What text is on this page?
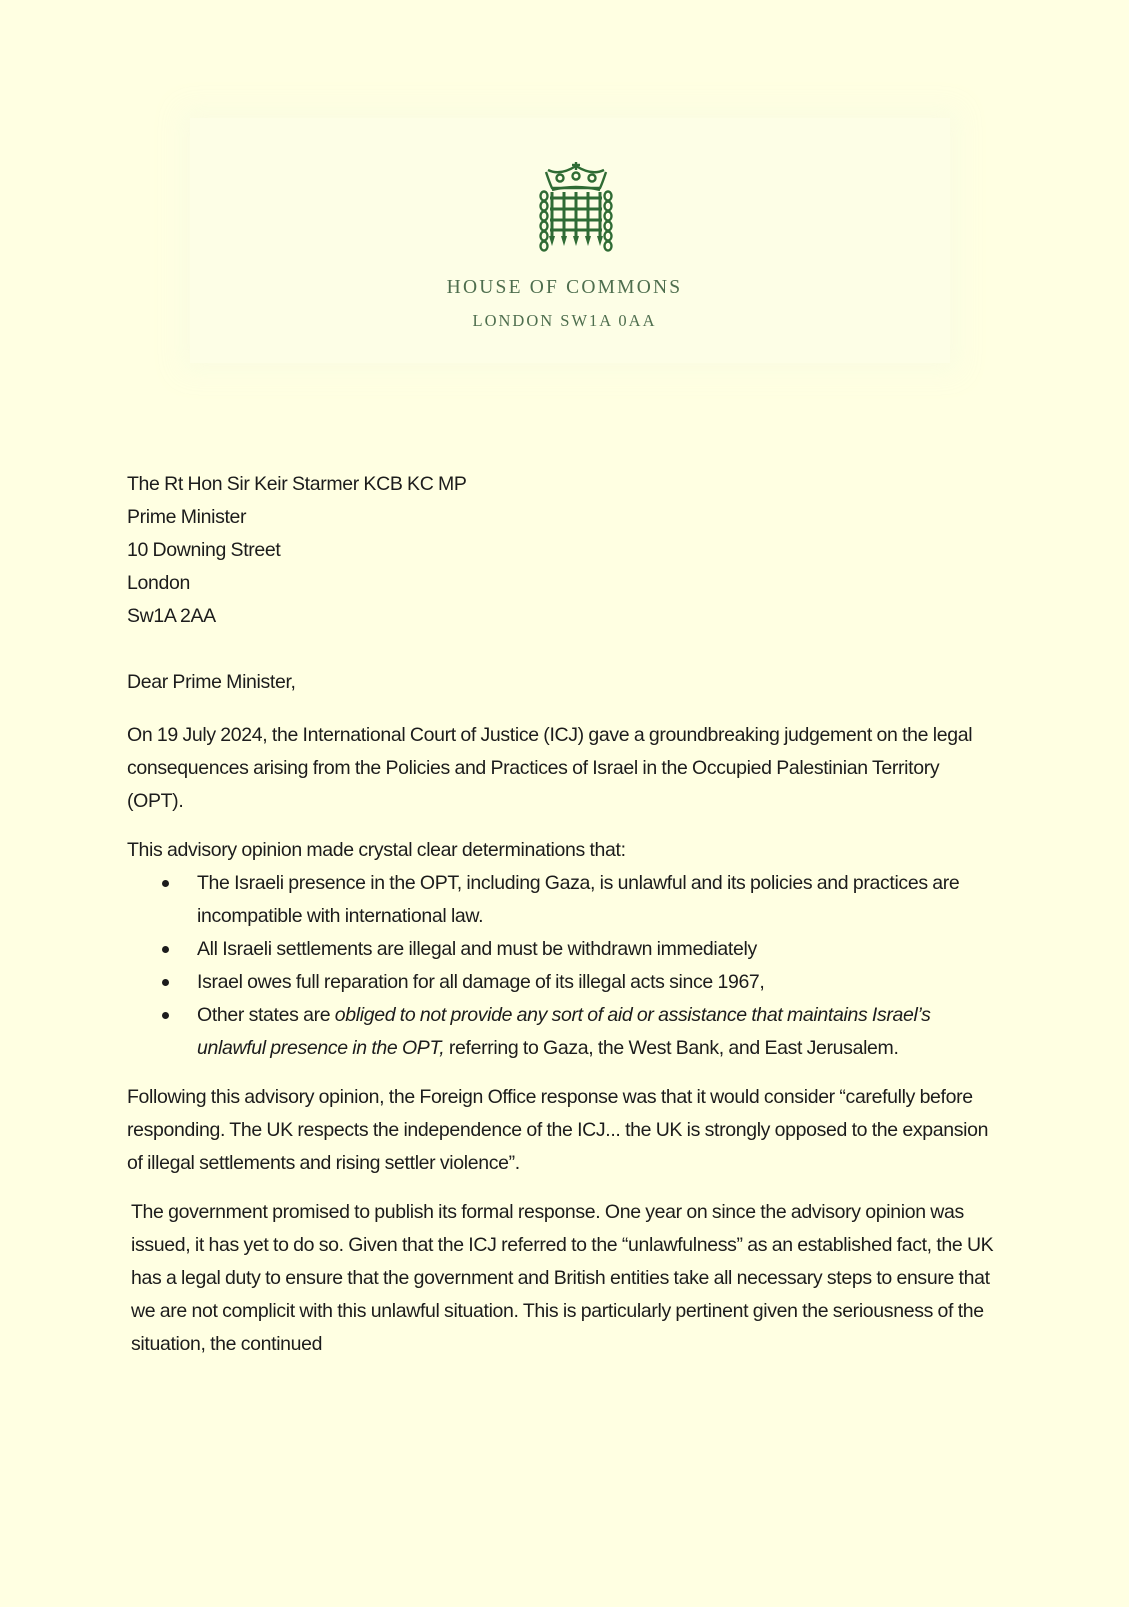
HOUSE OF COMMONS
LONDON SW1A 0AA
The Rt Hon Sir Keir Starmer KCB KC MP
Prime Minister
10 Downing Street
London
Sw1A 2AA

Dear Prime Minister,

On 19 July 2024, the International Court of Justice (ICJ) gave a groundbreaking judgement on the legal consequences arising from the Policies and Practices of Israel in the Occupied Palestinian Territory (OPT).

This advisory opinion made crystal clear determinations that:

The Israeli presence in the OPT, including Gaza, is unlawful and its policies and practices are incompatible with international law.
All Israeli settlements are illegal and must be withdrawn immediately
Israel owes full reparation for all damage of its illegal acts since 1967,
Other states are obliged to not provide any sort of aid or assistance that maintains Israel’s unlawful presence in the OPT, referring to Gaza, the West Bank, and East Jerusalem.

Following this advisory opinion, the Foreign Office response was that it would consider “carefully before responding. The UK respects the independence of the ICJ... the UK is strongly opposed to the expansion of illegal settlements and rising settler violence”.

The government promised to publish its formal response. One year on since the advisory opinion was issued, it has yet to do so. Given that the ICJ referred to the “unlawfulness” as an established fact, the UK has a legal duty to ensure that the government and British entities take all necessary steps to ensure that we are not complicit with this unlawful situation. This is particularly pertinent given the seriousness of the situation, the continued
